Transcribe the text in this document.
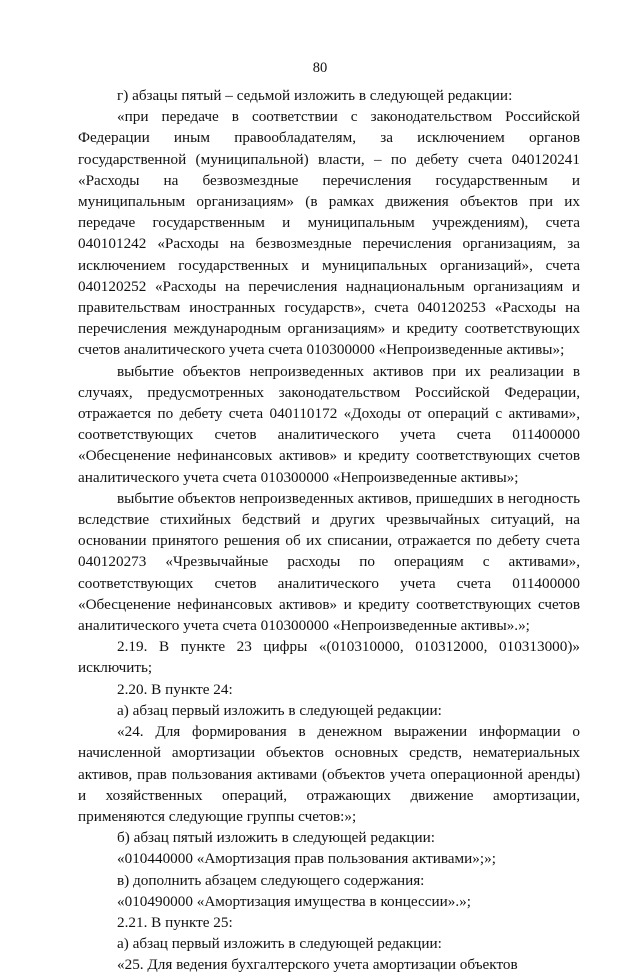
80

г) абзацы пятый – седьмой изложить в следующей редакции:

«при передаче в соответствии с законодательством Российской Федерации иным правообладателям, за исключением органов государственной (муниципальной) власти, – по дебету счета 040120241 «Расходы на безвозмездные перечисления государственным и муниципальным организациям» (в рамках движения объектов при их передаче государственным и муниципальным учреждениям), счета 040101242 «Расходы на безвозмездные перечисления организациям, за исключением государственных и муниципальных организаций», счета 040120252 «Расходы на перечисления наднациональным организациям и правительствам иностранных государств», счета 040120253 «Расходы на перечисления международным организациям» и кредиту соответствующих счетов аналитического учета счета 010300000 «Непроизведенные активы»;

выбытие объектов непроизведенных активов при их реализации в случаях, предусмотренных законодательством Российской Федерации, отражается по дебету счета 040110172 «Доходы от операций с активами», соответствующих счетов аналитического учета счета 011400000 «Обесценение нефинансовых активов» и кредиту соответствующих счетов аналитического учета счета 010300000 «Непроизведенные активы»;

выбытие объектов непроизведенных активов, пришедших в негодность вследствие стихийных бедствий и других чрезвычайных ситуаций, на основании принятого решения об их списании, отражается по дебету счета 040120273 «Чрезвычайные расходы по операциям с активами», соответствующих счетов аналитического учета счета 011400000 «Обесценение нефинансовых активов» и кредиту соответствующих счетов аналитического учета счета 010300000 «Непроизведенные активы».»;

2.19. В пункте 23 цифры «(010310000, 010312000, 010313000)» исключить;

2.20. В пункте 24:

а) абзац первый изложить в следующей редакции:

«24. Для формирования в денежном выражении информации о начисленной амортизации объектов основных средств, нематериальных активов, прав пользования активами (объектов учета операционной аренды) и хозяйственных операций, отражающих движение амортизации, применяются следующие группы счетов:»;

б) абзац пятый изложить в следующей редакции:

«010440000 «Амортизация прав пользования активами»;»;

в) дополнить абзацем следующего содержания:

«010490000 «Амортизация имущества в концессии».»;

2.21. В пункте 25:

а) абзац первый изложить в следующей редакции:

«25. Для ведения бухгалтерского учета амортизации объектов
